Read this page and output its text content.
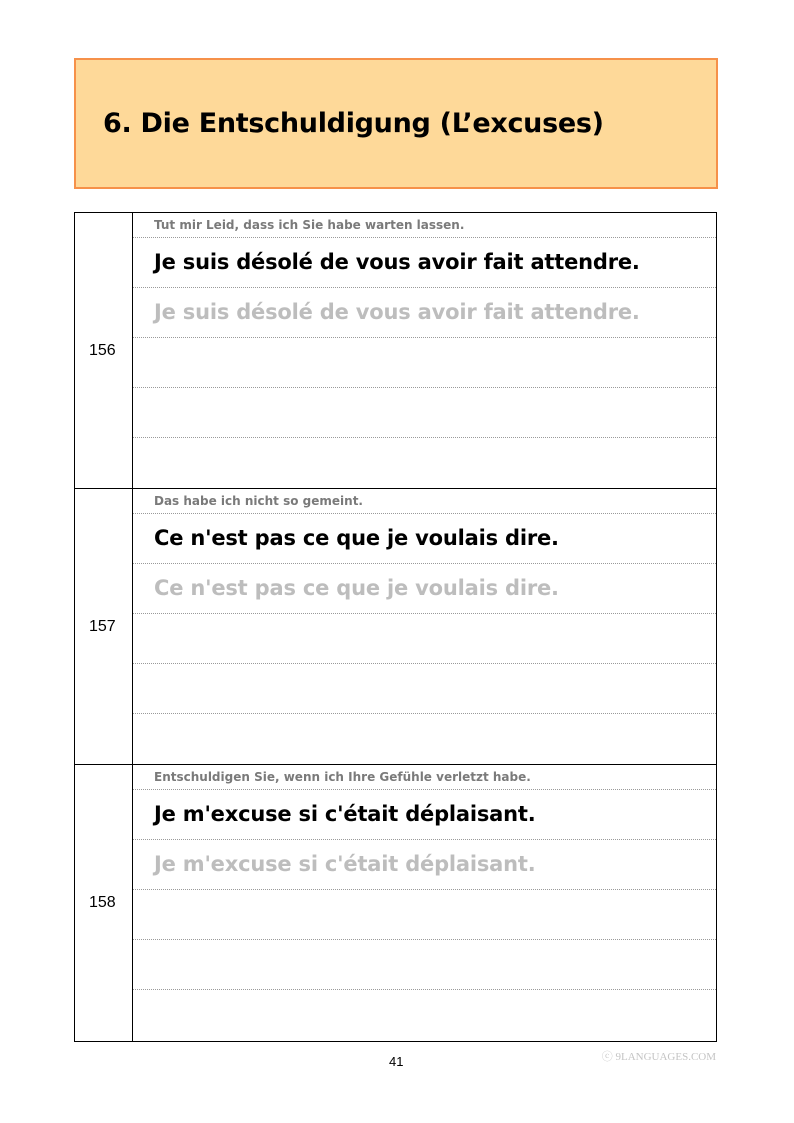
6. Die Entschuldigung (L’excuses)
156
Tut mir Leid, dass ich Sie habe warten lassen.
Je suis désolé de vous avoir fait attendre.
Je suis désolé de vous avoir fait attendre.
157
Das habe ich nicht so gemeint.
Ce n'est pas ce que je voulais dire.
Ce n'est pas ce que je voulais dire.
158
Entschuldigen Sie, wenn ich Ihre Gefühle verletzt habe.
Je m'excuse si c'était déplaisant.
Je m'excuse si c'était déplaisant.
41	ⓒ 9LANGUAGES.COM
